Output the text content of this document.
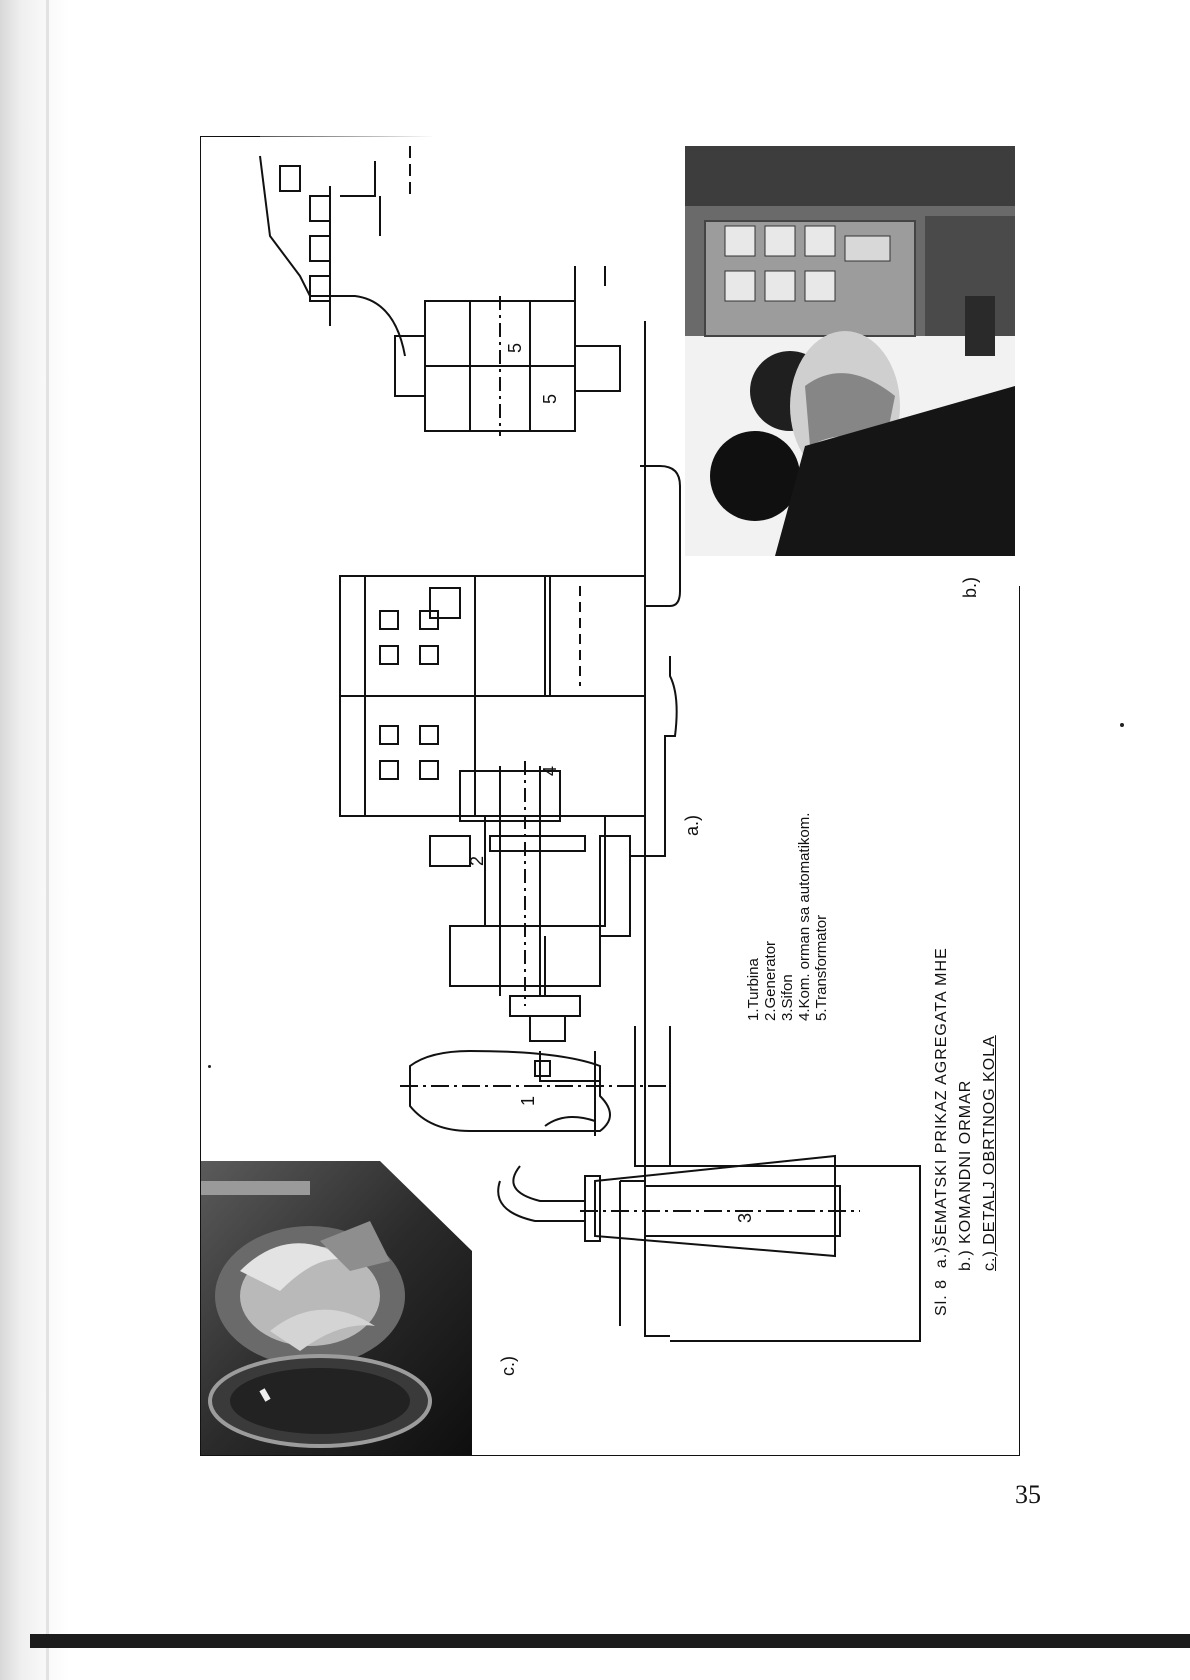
2
1
3
4
5
5
a.)
b.)
c.)
1.Turbina 2.Generator 3.Sifon 4.Kom. orman sa automatikom. 5.Transformator
Sl. 8  a.)ŠEMATSKI PRIKAZ AGREGATA MHE b.) KOMANDNI ORMAR c.) DETALJ OBRTNOG KOLA
35
